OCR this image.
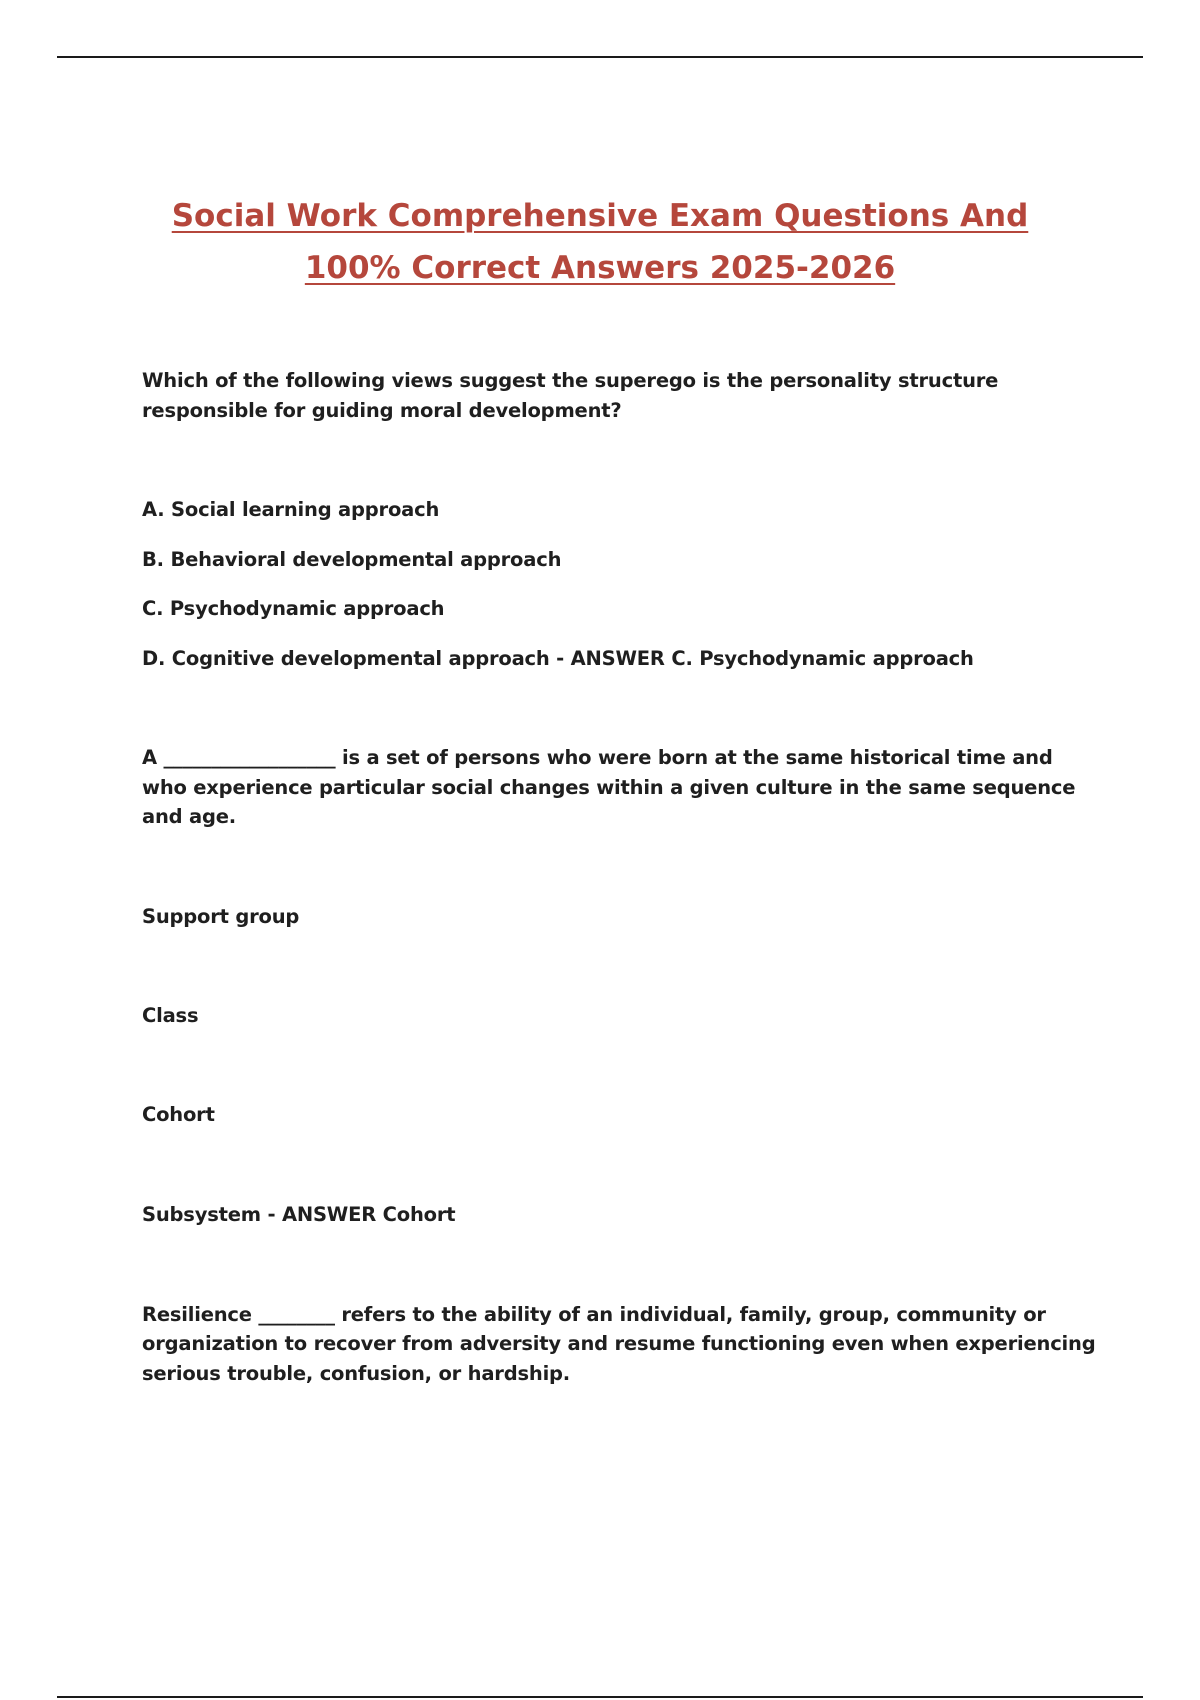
Social Work Comprehensive Exam Questions And
100% Correct Answers 2025-2026
Which of the following views suggest the superego is the personality structure
responsible for guiding moral development?
A. Social learning approach
B. Behavioral developmental approach
C. Psychodynamic approach
D. Cognitive developmental approach - ANSWER C. Psychodynamic approach
A __________________ is a set of persons who were born at the same historical time and
who experience particular social changes within a given culture in the same sequence
and age.
Support group
Class
Cohort
Subsystem - ANSWER Cohort
Resilience ________ refers to the ability of an individual, family, group, community or
organization to recover from adversity and resume functioning even when experiencing
serious trouble, confusion, or hardship.
